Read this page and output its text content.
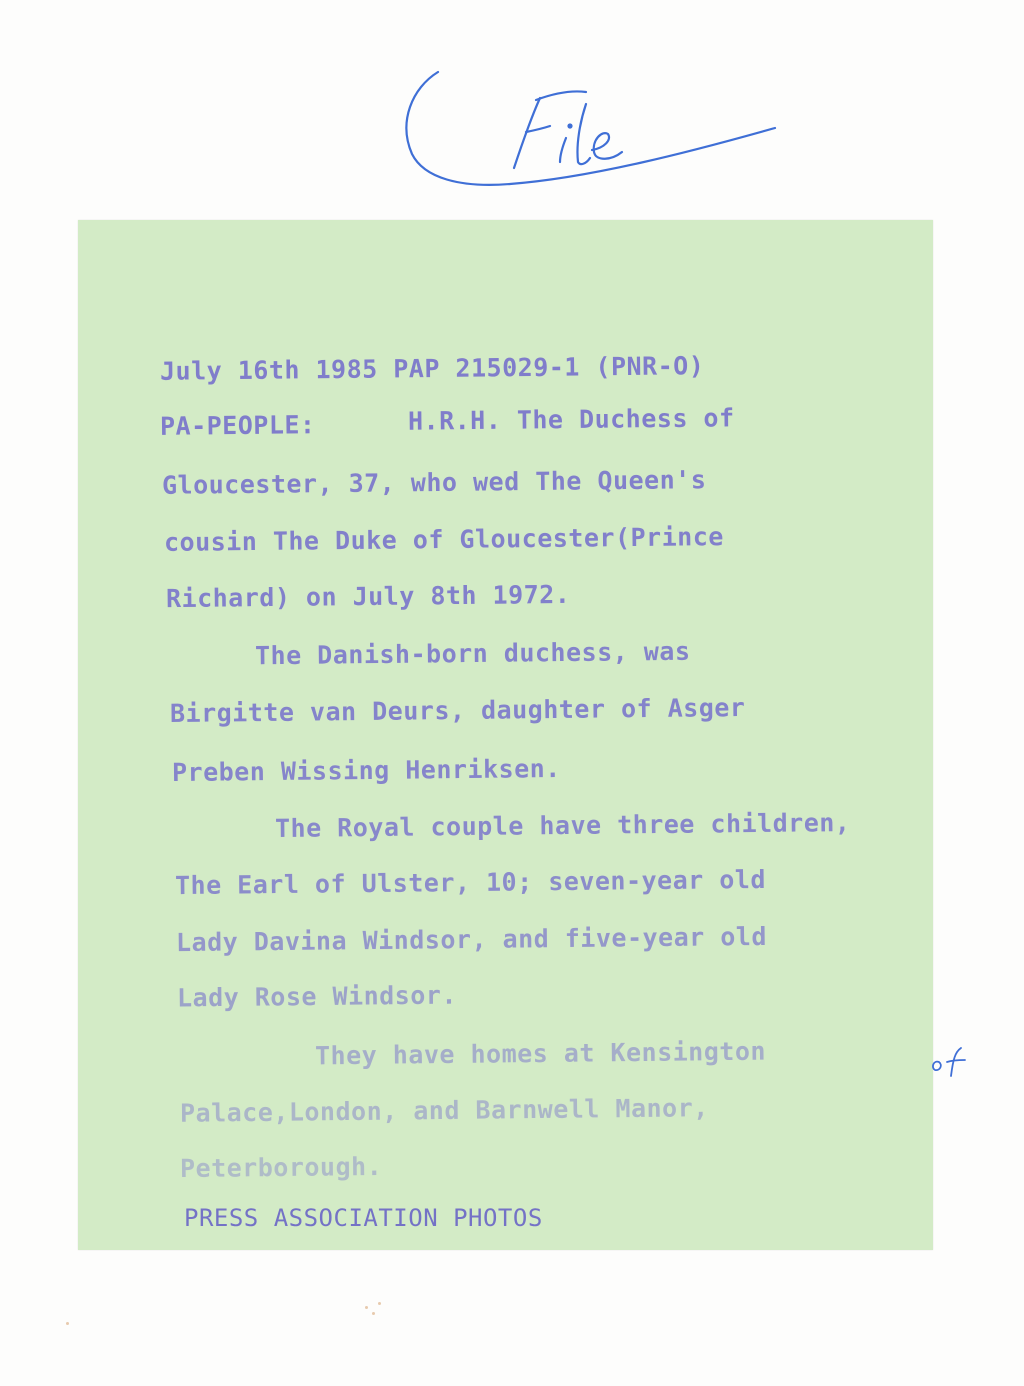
July 16th 1985 PAP 215029-1 (PNR-O)
PA-PEOPLE:	H.R.H. The Duchess of
Gloucester, 37, who wed The Queen's
cousin The Duke of Gloucester(Prince
Richard) on July 8th 1972.
The Danish-born duchess, was
Birgitte van Deurs, daughter of Asger
Preben Wissing Henriksen.
The Royal couple have three children,
The Earl of Ulster, 10; seven-year old
Lady Davina Windsor, and five-year old
Lady Rose Windsor.
They have homes at Kensington
Palace,London, and Barnwell Manor,
Peterborough.
PRESS ASSOCIATION PHOTOS
